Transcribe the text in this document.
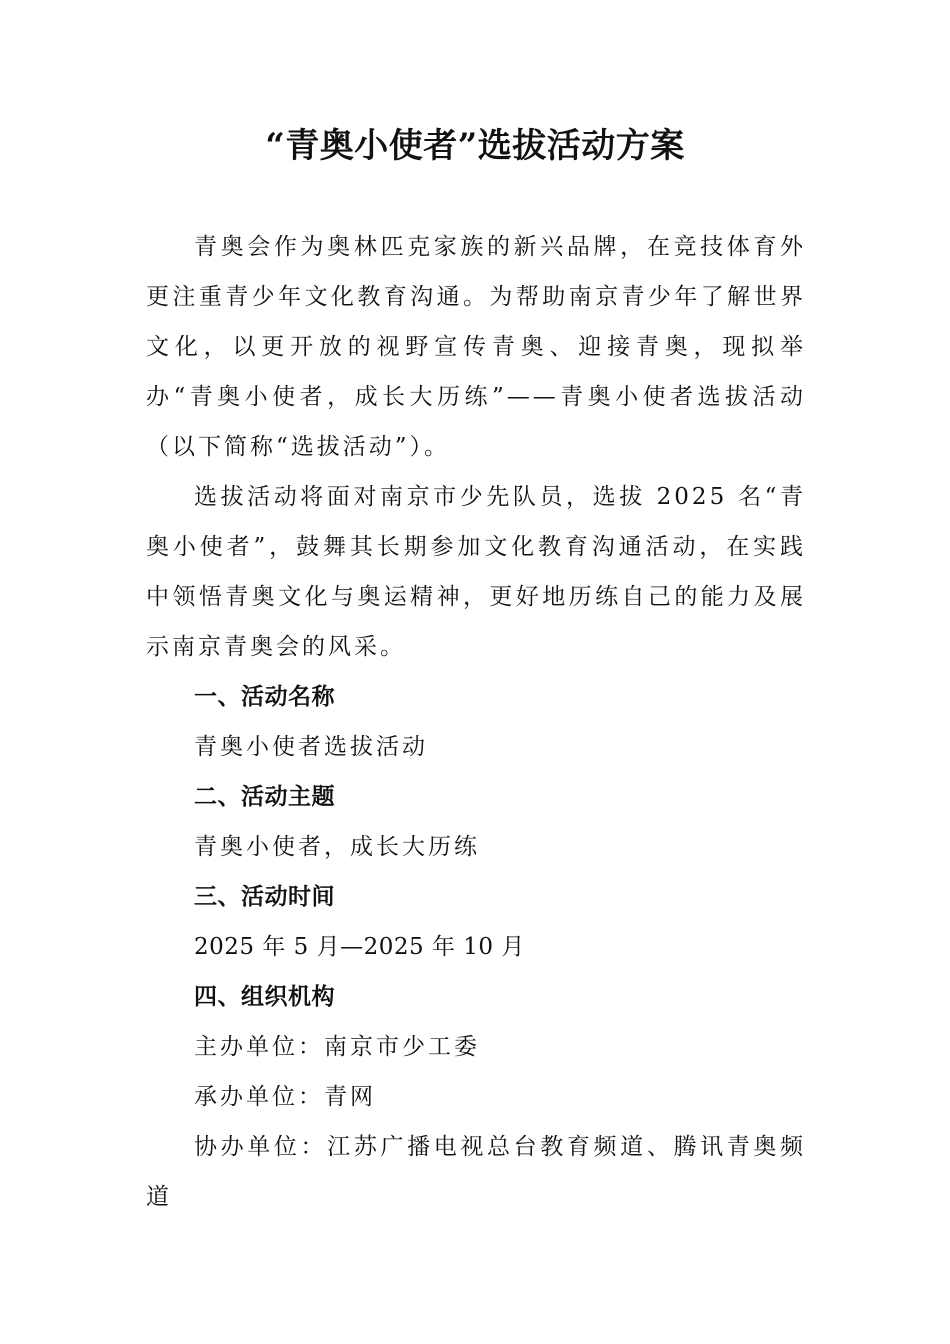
“青奥小使者”选拔活动方案

青奥会作为奥林匹克家族的新兴品牌，在竞技体育外更注重青少年文化教育沟通。为帮助南京青少年了解世界文化，以更开放的视野宣传青奥、迎接青奥，现拟举办“青奥小使者，成长大历练”——青奥小使者选拔活动（以下简称“选拔活动”）。

选拔活动将面对南京市少先队员，选拔 2025 名“青奥小使者”，鼓舞其长期参加文化教育沟通活动，在实践中领悟青奥文化与奥运精神，更好地历练自己的能力及展示南京青奥会的风采。

一、活动名称

青奥小使者选拔活动

二、活动主题

青奥小使者，成长大历练

三、活动时间

2025 年 5 月—2025 年 10 月

四、组织机构

主办单位：南京市少工委

承办单位：青网

协办单位：江苏广播电视总台教育频道、腾讯青奥频道
